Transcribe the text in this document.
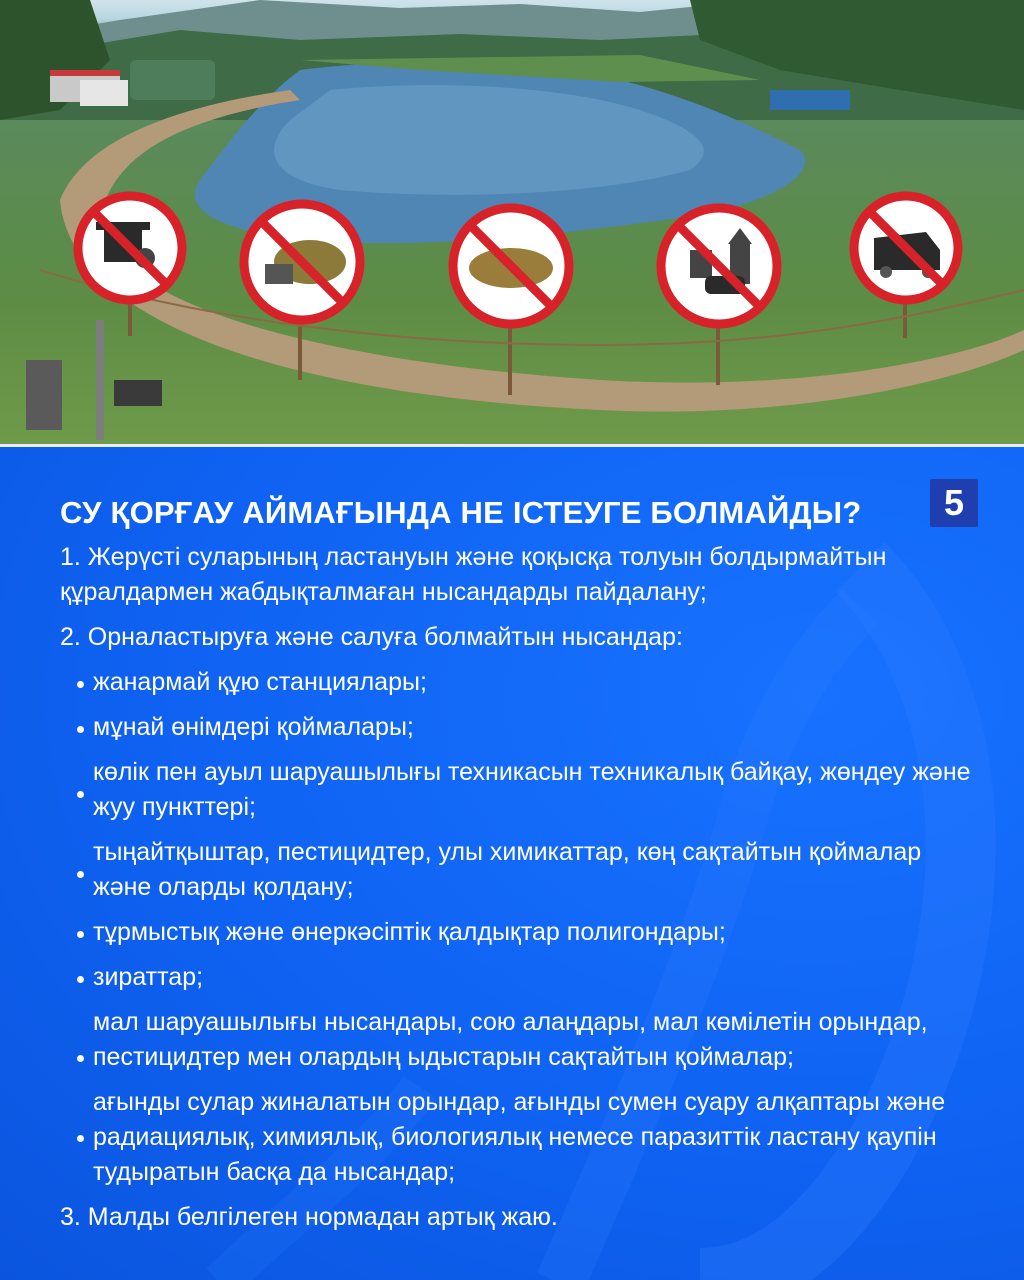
СУ ҚОРҒАУ АЙМАҒЫНДА НЕ ІСТЕУГЕ БОЛМАЙДЫ?	5

1. Жерүсті суларының ластануын және қоқысқа толуын болдырмайтын құралдармен жабдықталмаған нысандарды пайдалану;

2. Орналастыруға және салуға болмайтын нысандар:

жанармай құю станциялары;
мұнай өнімдері қоймалары;
көлік пен ауыл шаруашылығы техникасын техникалық байқау, жөндеу және жуу пункттері;
тыңайтқыштар, пестицидтер, улы химикаттар, көң сақтайтын қоймалар және оларды қолдану;
тұрмыстық және өнеркәсіптік қалдықтар полигондары;
зираттар;
мал шаруашылығы нысандары, сою алаңдары, мал көмілетін орындар, пестицидтер мен олардың ыдыстарын сақтайтын қоймалар;
ағынды сулар жиналатын орындар, ағынды сумен суару алқаптары және радиациялық, химиялық, биологиялық немесе паразиттік ластану қаупін тудыратын басқа да нысандар;

3. Малды белгілеген нормадан артық жаю.
